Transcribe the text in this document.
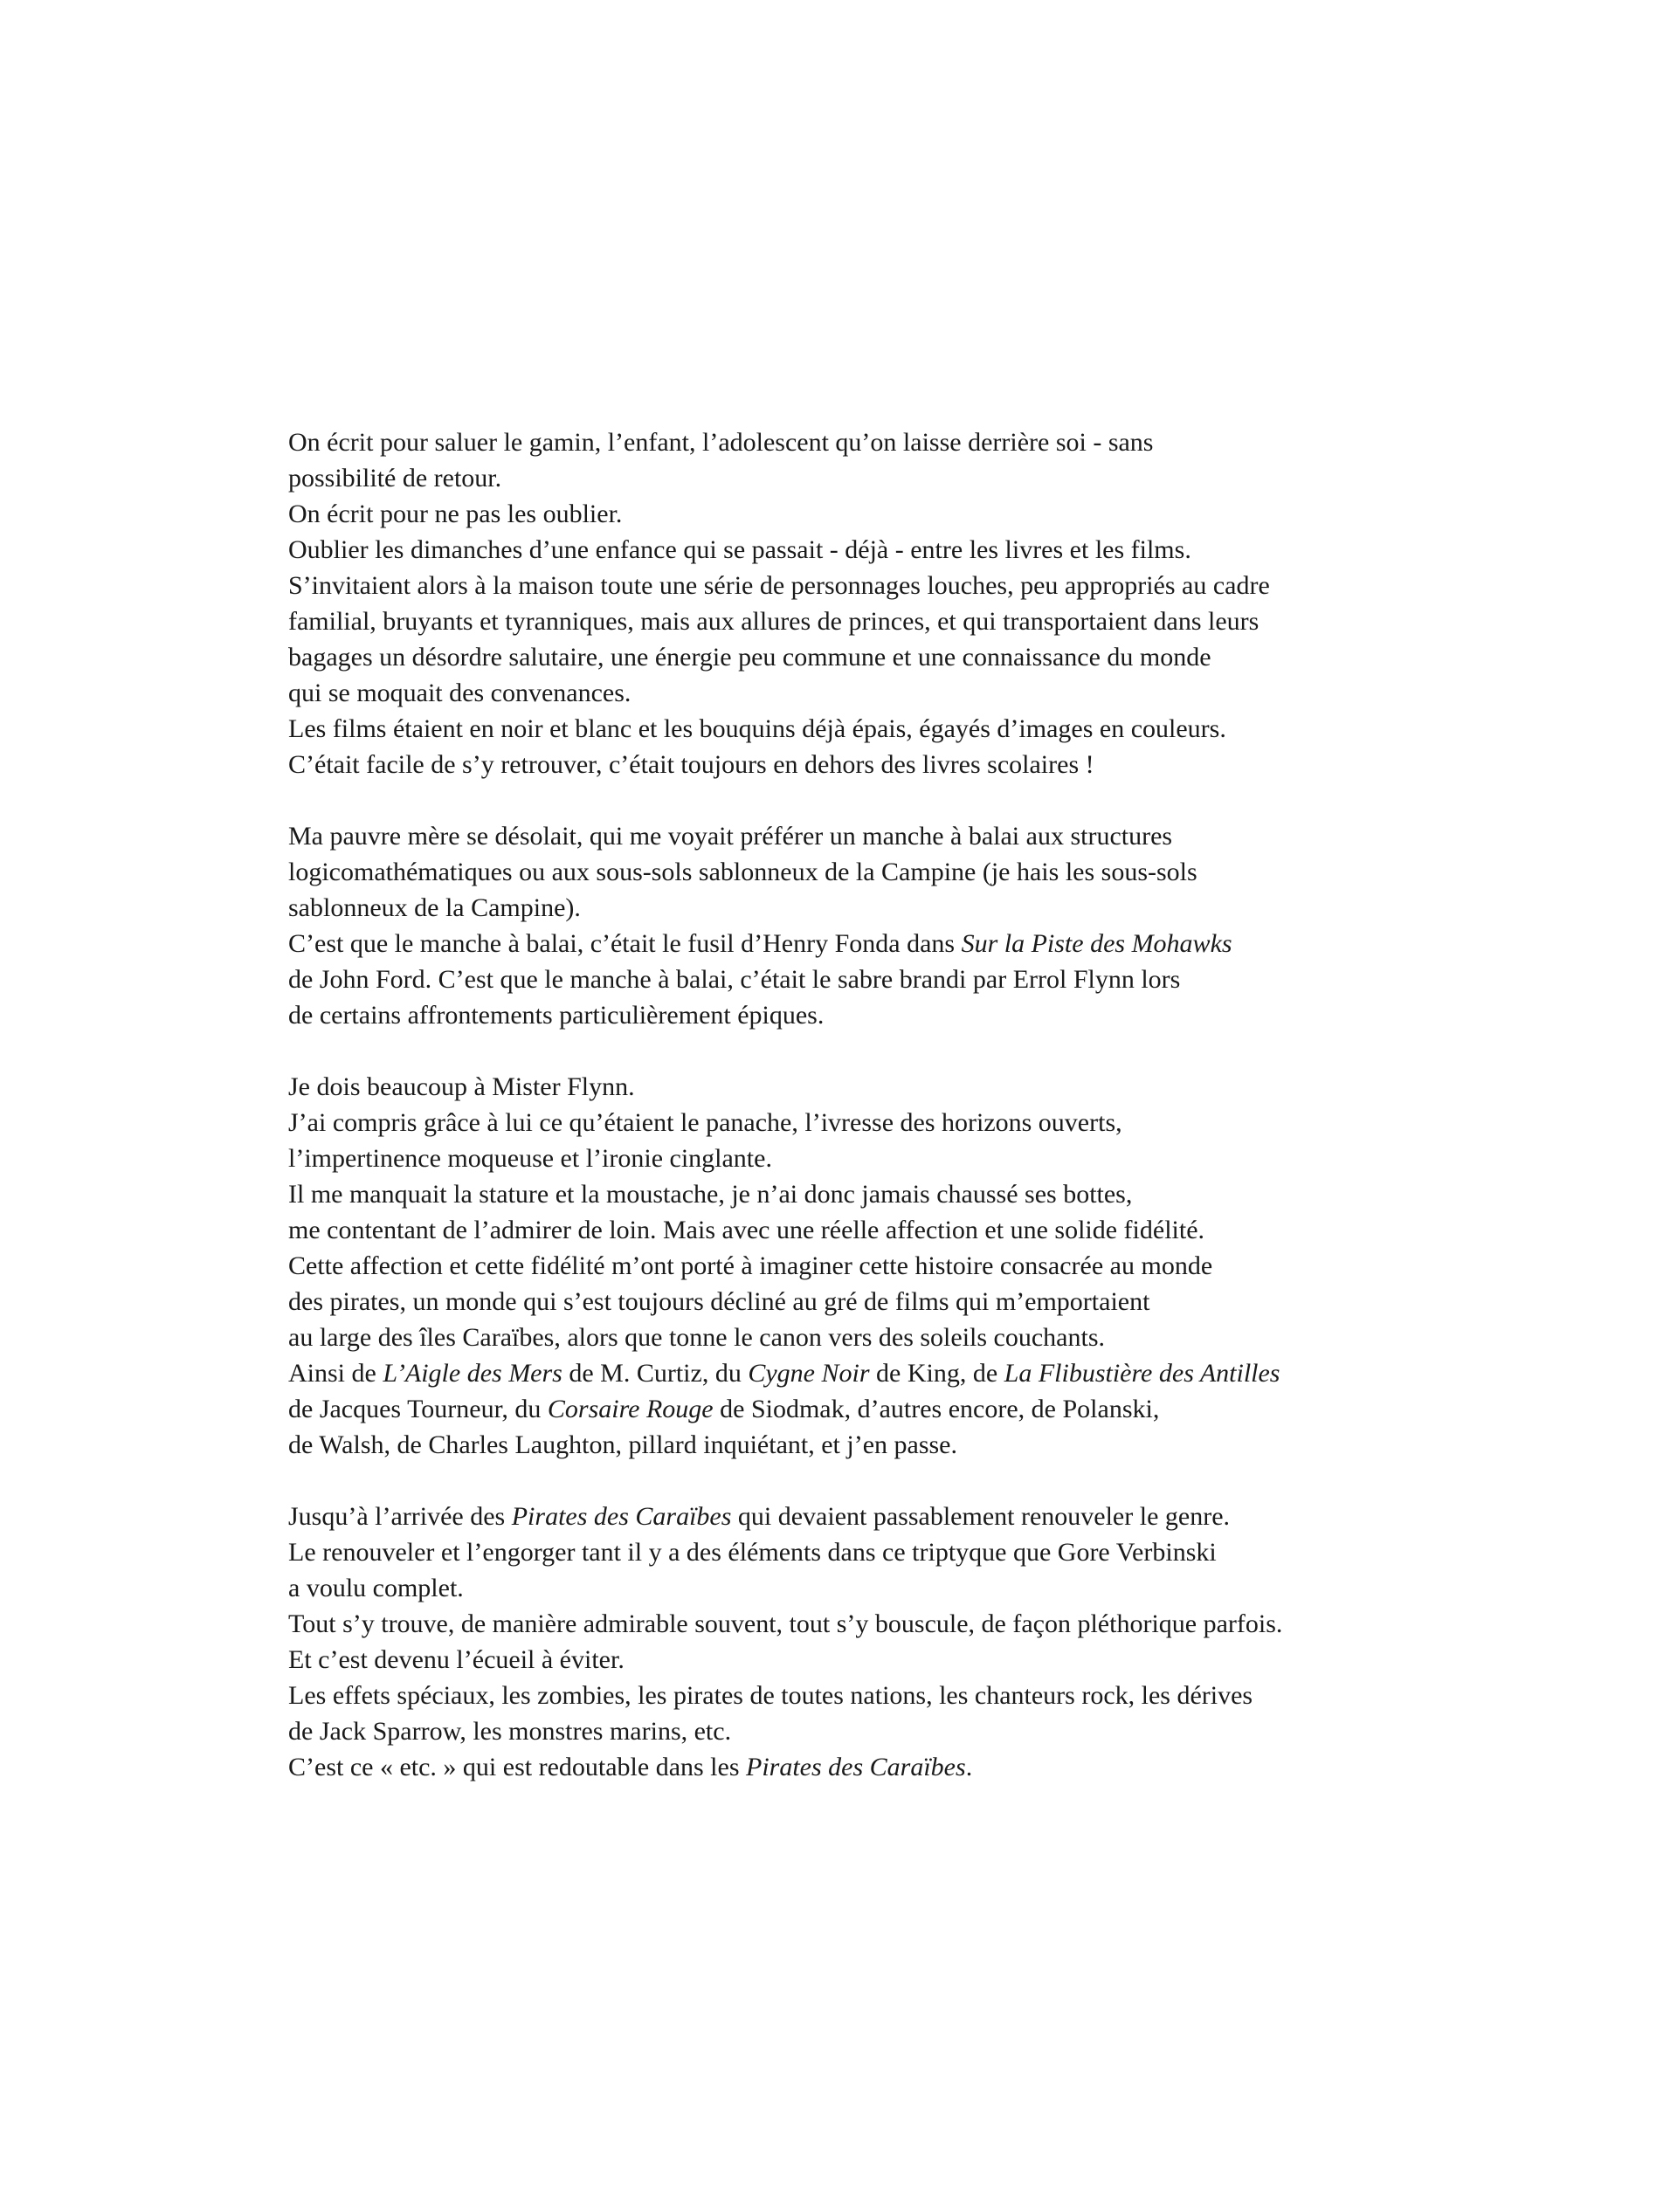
On écrit pour saluer le gamin, l’enfant, l’adolescent qu’on laisse derrière soi - sans
possibilité de retour.
On écrit pour ne pas les oublier.
Oublier les dimanches d’une enfance qui se passait - déjà - entre les livres et les films.
S’invitaient alors à la maison toute une série de personnages louches, peu appropriés au cadre
familial, bruyants et tyranniques, mais aux allures de princes, et qui transportaient dans leurs
bagages un désordre salutaire, une énergie peu commune et une connaissance du monde
qui se moquait des convenances.
Les films étaient en noir et blanc et les bouquins déjà épais, égayés d’images en couleurs.
C’était facile de s’y retrouver, c’était toujours en dehors des livres scolaires !
Ma pauvre mère se désolait, qui me voyait préférer un manche à balai aux structures
logicomathématiques ou aux sous-sols sablonneux de la Campine (je hais les sous-sols
sablonneux de la Campine).
C’est que le manche à balai, c’était le fusil d’Henry Fonda dans Sur la Piste des Mohawks
de John Ford. C’est que le manche à balai, c’était le sabre brandi par Errol Flynn lors
de certains affrontements particulièrement épiques.
Je dois beaucoup à Mister Flynn.
J’ai compris grâce à lui ce qu’étaient le panache, l’ivresse des horizons ouverts,
l’impertinence moqueuse et l’ironie cinglante.
Il me manquait la stature et la moustache, je n’ai donc jamais chaussé ses bottes,
me contentant de l’admirer de loin. Mais avec une réelle affection et une solide fidélité.
Cette affection et cette fidélité m’ont porté à imaginer cette histoire consacrée au monde
des pirates, un monde qui s’est toujours décliné au gré de films qui m’emportaient
au large des îles Caraïbes, alors que tonne le canon vers des soleils couchants.
Ainsi de L’Aigle des Mers de M. Curtiz, du Cygne Noir de King, de La Flibustière des Antilles
de Jacques Tourneur, du Corsaire Rouge de Siodmak, d’autres encore, de Polanski,
de Walsh, de Charles Laughton, pillard inquiétant, et j’en passe.
Jusqu’à l’arrivée des Pirates des Caraïbes qui devaient passablement renouveler le genre.
Le renouveler et l’engorger tant il y a des éléments dans ce triptyque que Gore Verbinski
a voulu complet.
Tout s’y trouve, de manière admirable souvent, tout s’y bouscule, de façon pléthorique parfois.
Et c’est devenu l’écueil à éviter.
Les effets spéciaux, les zombies, les pirates de toutes nations, les chanteurs rock, les dérives
de Jack Sparrow, les monstres marins, etc.
C’est ce « etc. » qui est redoutable dans les Pirates des Caraïbes.
